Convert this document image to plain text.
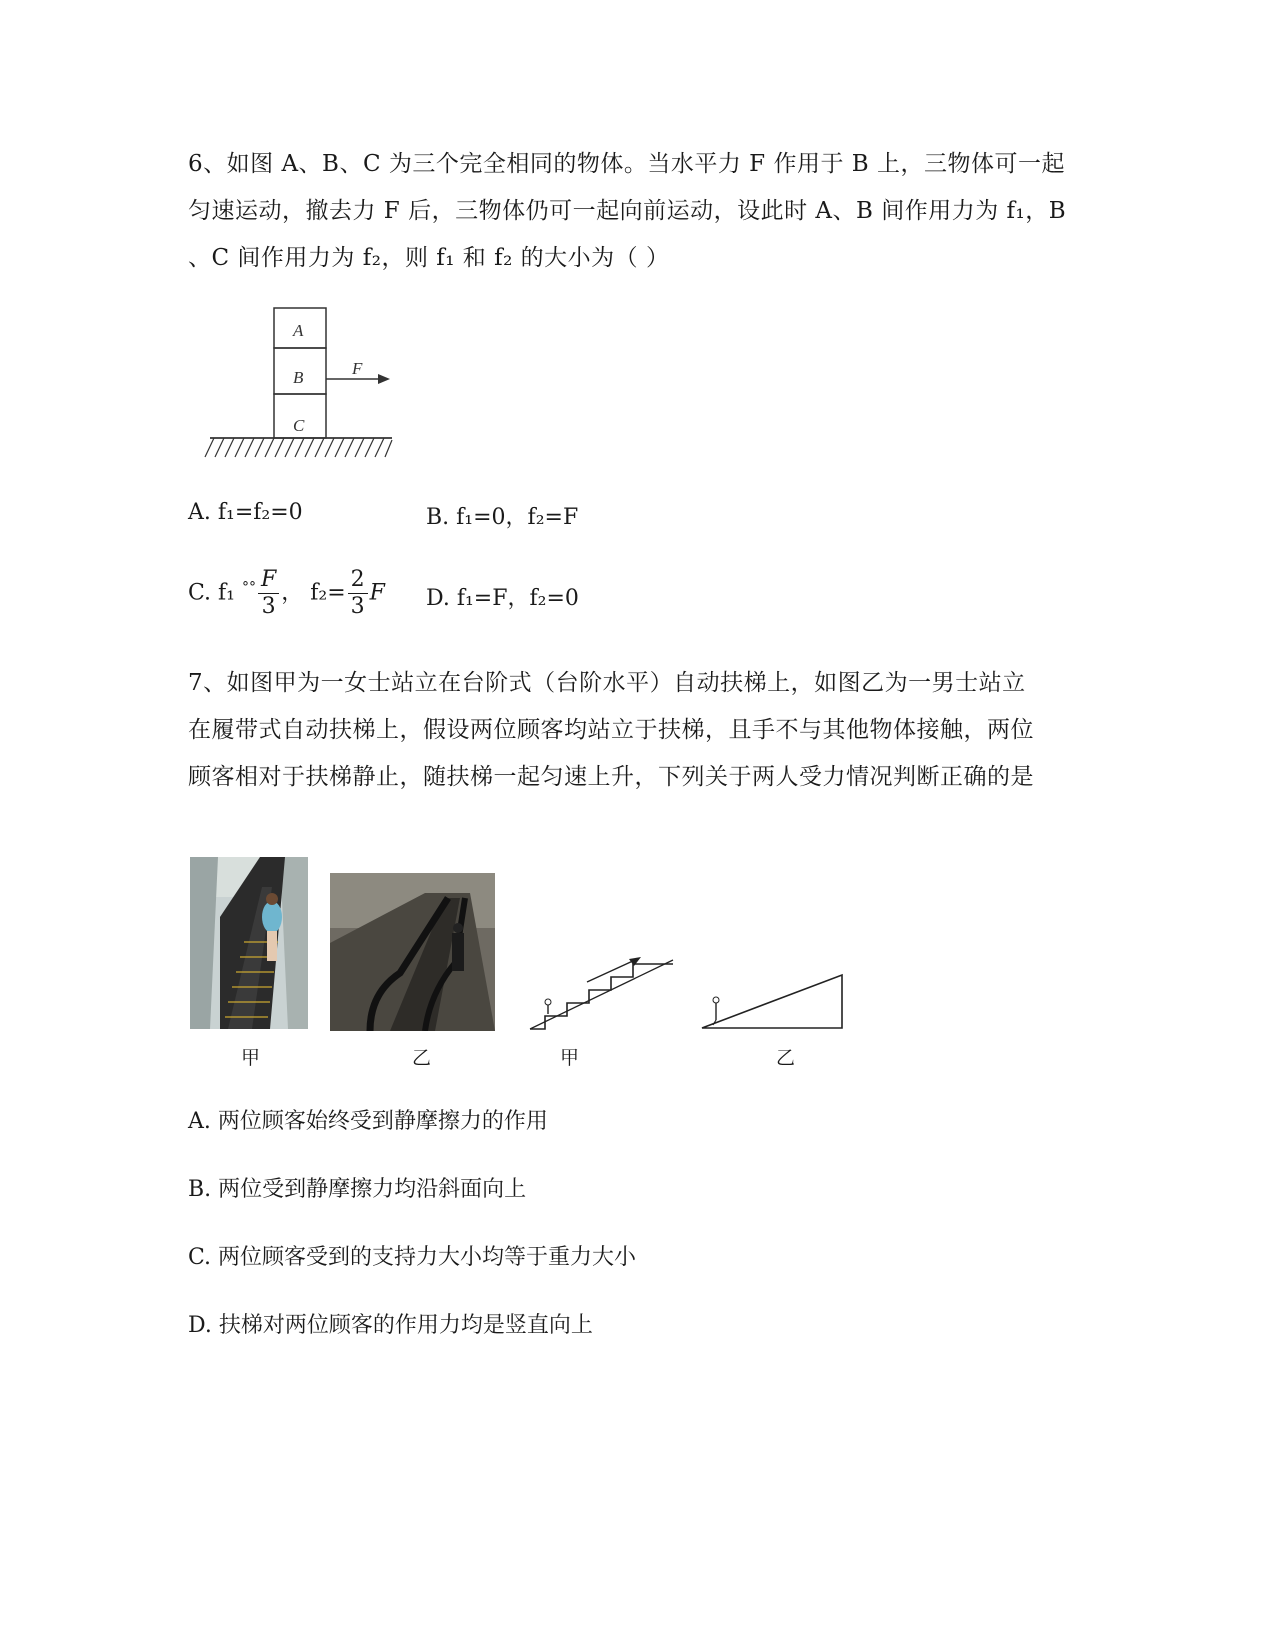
6、如图 A、B、C 为三个完全相同的物体。当水平力 F 作用于 B 上，三物体可一起
匀速运动，撤去力 F 后，三物体仍可一起向前运动，设此时 A、B 间作用力为 f₁，B
、C 间作用力为 f₂，则 f₁ 和 f₂ 的大小为（ ）
A
B
C
F
A. f₁=f₂=0	B. f₁=0，f₂=F
C. f₁ $^{^\circ^\circ} \frac{F}{3}$ ， $f_2= \frac{2}{3}$ F D. f₁=F，f₂=0
7、如图甲为一女士站立在台阶式（台阶水平）自动扶梯上，如图乙为一男士站立
在履带式自动扶梯上，假设两位顾客均站立于扶梯，且手不与其他物体接触，两位
顾客相对于扶梯静止，随扶梯一起匀速上升，下列关于两人受力情况判断正确的是
甲	乙	甲	乙
A. 两位顾客始终受到静摩擦力的作用
B. 两位受到静摩擦力均沿斜面向上
C. 两位顾客受到的支持力大小均等于重力大小
D. 扶梯对两位顾客的作用力均是竖直向上
